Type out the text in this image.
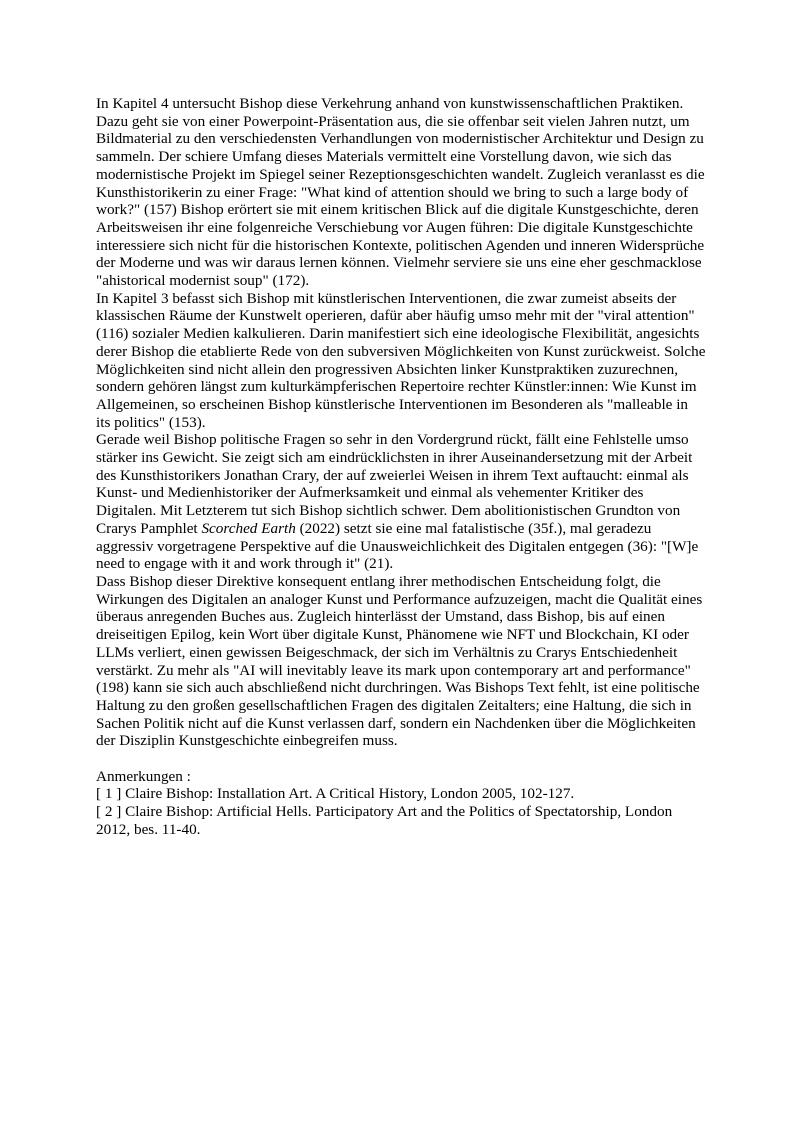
In Kapitel 4 untersucht Bishop diese Verkehrung anhand von kunstwissenschaftlichen Praktiken. Dazu geht sie von einer Powerpoint-Präsentation aus, die sie offenbar seit vielen Jahren nutzt, um Bildmaterial zu den verschiedensten Verhandlungen von modernistischer Architektur und Design zu sammeln. Der schiere Umfang dieses Materials vermittelt eine Vorstellung davon, wie sich das modernistische Projekt im Spiegel seiner Rezeptionsgeschichten wandelt. Zugleich veranlasst es die Kunsthistorikerin zu einer Frage: "What kind of attention should we bring to such a large body of work?" (157) Bishop erörtert sie mit einem kritischen Blick auf die digitale Kunstgeschichte, deren Arbeitsweisen ihr eine folgenreiche Verschiebung vor Augen führen: Die digitale Kunstgeschichte interessiere sich nicht für die historischen Kontexte, politischen Agenden und inneren Widersprüche der Moderne und was wir daraus lernen können. Vielmehr serviere sie uns eine eher geschmacklose "ahistorical modernist soup" (172).

In Kapitel 3 befasst sich Bishop mit künstlerischen Interventionen, die zwar zumeist abseits der klassischen Räume der Kunstwelt operieren, dafür aber häufig umso mehr mit der "viral attention" (116) sozialer Medien kalkulieren. Darin manifestiert sich eine ideologische Flexibilität, angesichts derer Bishop die etablierte Rede von den subversiven Möglichkeiten von Kunst zurückweist. Solche Möglichkeiten sind nicht allein den progressiven Absichten linker Kunstpraktiken zuzurechnen, sondern gehören längst zum kulturkämpferischen Repertoire rechter Künstler:innen: Wie Kunst im Allgemeinen, so erscheinen Bishop künstlerische Interventionen im Besonderen als "malleable in its politics" (153).

Gerade weil Bishop politische Fragen so sehr in den Vordergrund rückt, fällt eine Fehlstelle umso stärker ins Gewicht. Sie zeigt sich am eindrücklichsten in ihrer Auseinandersetzung mit der Arbeit des Kunsthistorikers Jonathan Crary, der auf zweierlei Weisen in ihrem Text auftaucht: einmal als Kunst- und Medienhistoriker der Aufmerksamkeit und einmal als vehementer Kritiker des Digitalen. Mit Letzterem tut sich Bishop sichtlich schwer. Dem abolitionistischen Grundton von Crarys Pamphlet Scorched Earth (2022) setzt sie eine mal fatalistische (35f.), mal geradezu aggressiv vorgetragene Perspektive auf die Unausweichlichkeit des Digitalen entgegen (36): "[W]e need to engage with it and work through it" (21).

Dass Bishop dieser Direktive konsequent entlang ihrer methodischen Entscheidung folgt, die Wirkungen des Digitalen an analoger Kunst und Performance aufzuzeigen, macht die Qualität eines überaus anregenden Buches aus. Zugleich hinterlässt der Umstand, dass Bishop, bis auf einen dreiseitigen Epilog, kein Wort über digitale Kunst, Phänomene wie NFT und Blockchain, KI oder LLMs verliert, einen gewissen Beigeschmack, der sich im Verhältnis zu Crarys Entschiedenheit verstärkt. Zu mehr als "AI will inevitably leave its mark upon contemporary art and performance" (198) kann sie sich auch abschließend nicht durchringen. Was Bishops Text fehlt, ist eine politische Haltung zu den großen gesellschaftlichen Fragen des digitalen Zeitalters; eine Haltung, die sich in Sachen Politik nicht auf die Kunst verlassen darf, sondern ein Nachdenken über die Möglichkeiten der Disziplin Kunstgeschichte einbegreifen muss.

Anmerkungen :

[ 1 ] Claire Bishop: Installation Art. A Critical History, London 2005, 102-127.

[ 2 ] Claire Bishop: Artificial Hells. Participatory Art and the Politics of Spectatorship, London 2012, bes. 11-40.
